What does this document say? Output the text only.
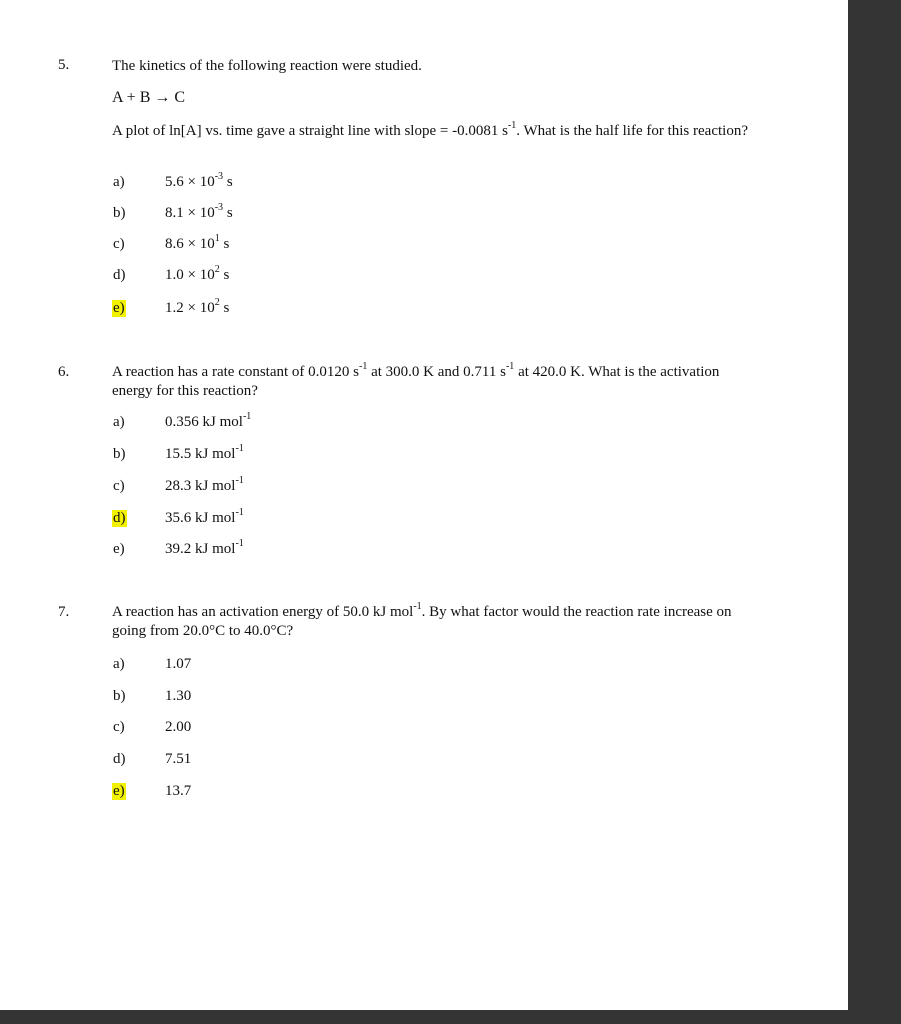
5.	The kinetics of the following reaction were studied.
A + B → C
A plot of ln[A] vs. time gave a straight line with slope = -0.0081 $s^{-1}$. What is the half life for this reaction?
a)	$5.6 \times 10^{-3}$ s
b)	$8.1 \times 10^{-3}$ s
c)	$8.6 \times 10^1$ s
d)	$1.0 \times 10^2$ s
e)	$1.2 \times 10^2$ s
6.	A reaction has a rate constant of 0.0120 $s^{-1}$ at 300.0 K and 0.711 $s^{-1}$ at 420.0 K. What is the activation energy for this reaction?
a)	0.356 kJ mol$^{-1}$
b)	15.5 kJ mol$^{-1}$
c)	28.3 kJ mol$^{-1}$
d)	35.6 kJ mol$^{-1}$
e)	39.2 kJ mol$^{-1}$
7.	A reaction has an activation energy of 50.0 kJ mol$^{-1}$. By what factor would the reaction rate increase on going from 20.0°C to 40.0°C?
a)	1.07
b)	1.30
c)	2.00
d)	7.51
e)	13.7
